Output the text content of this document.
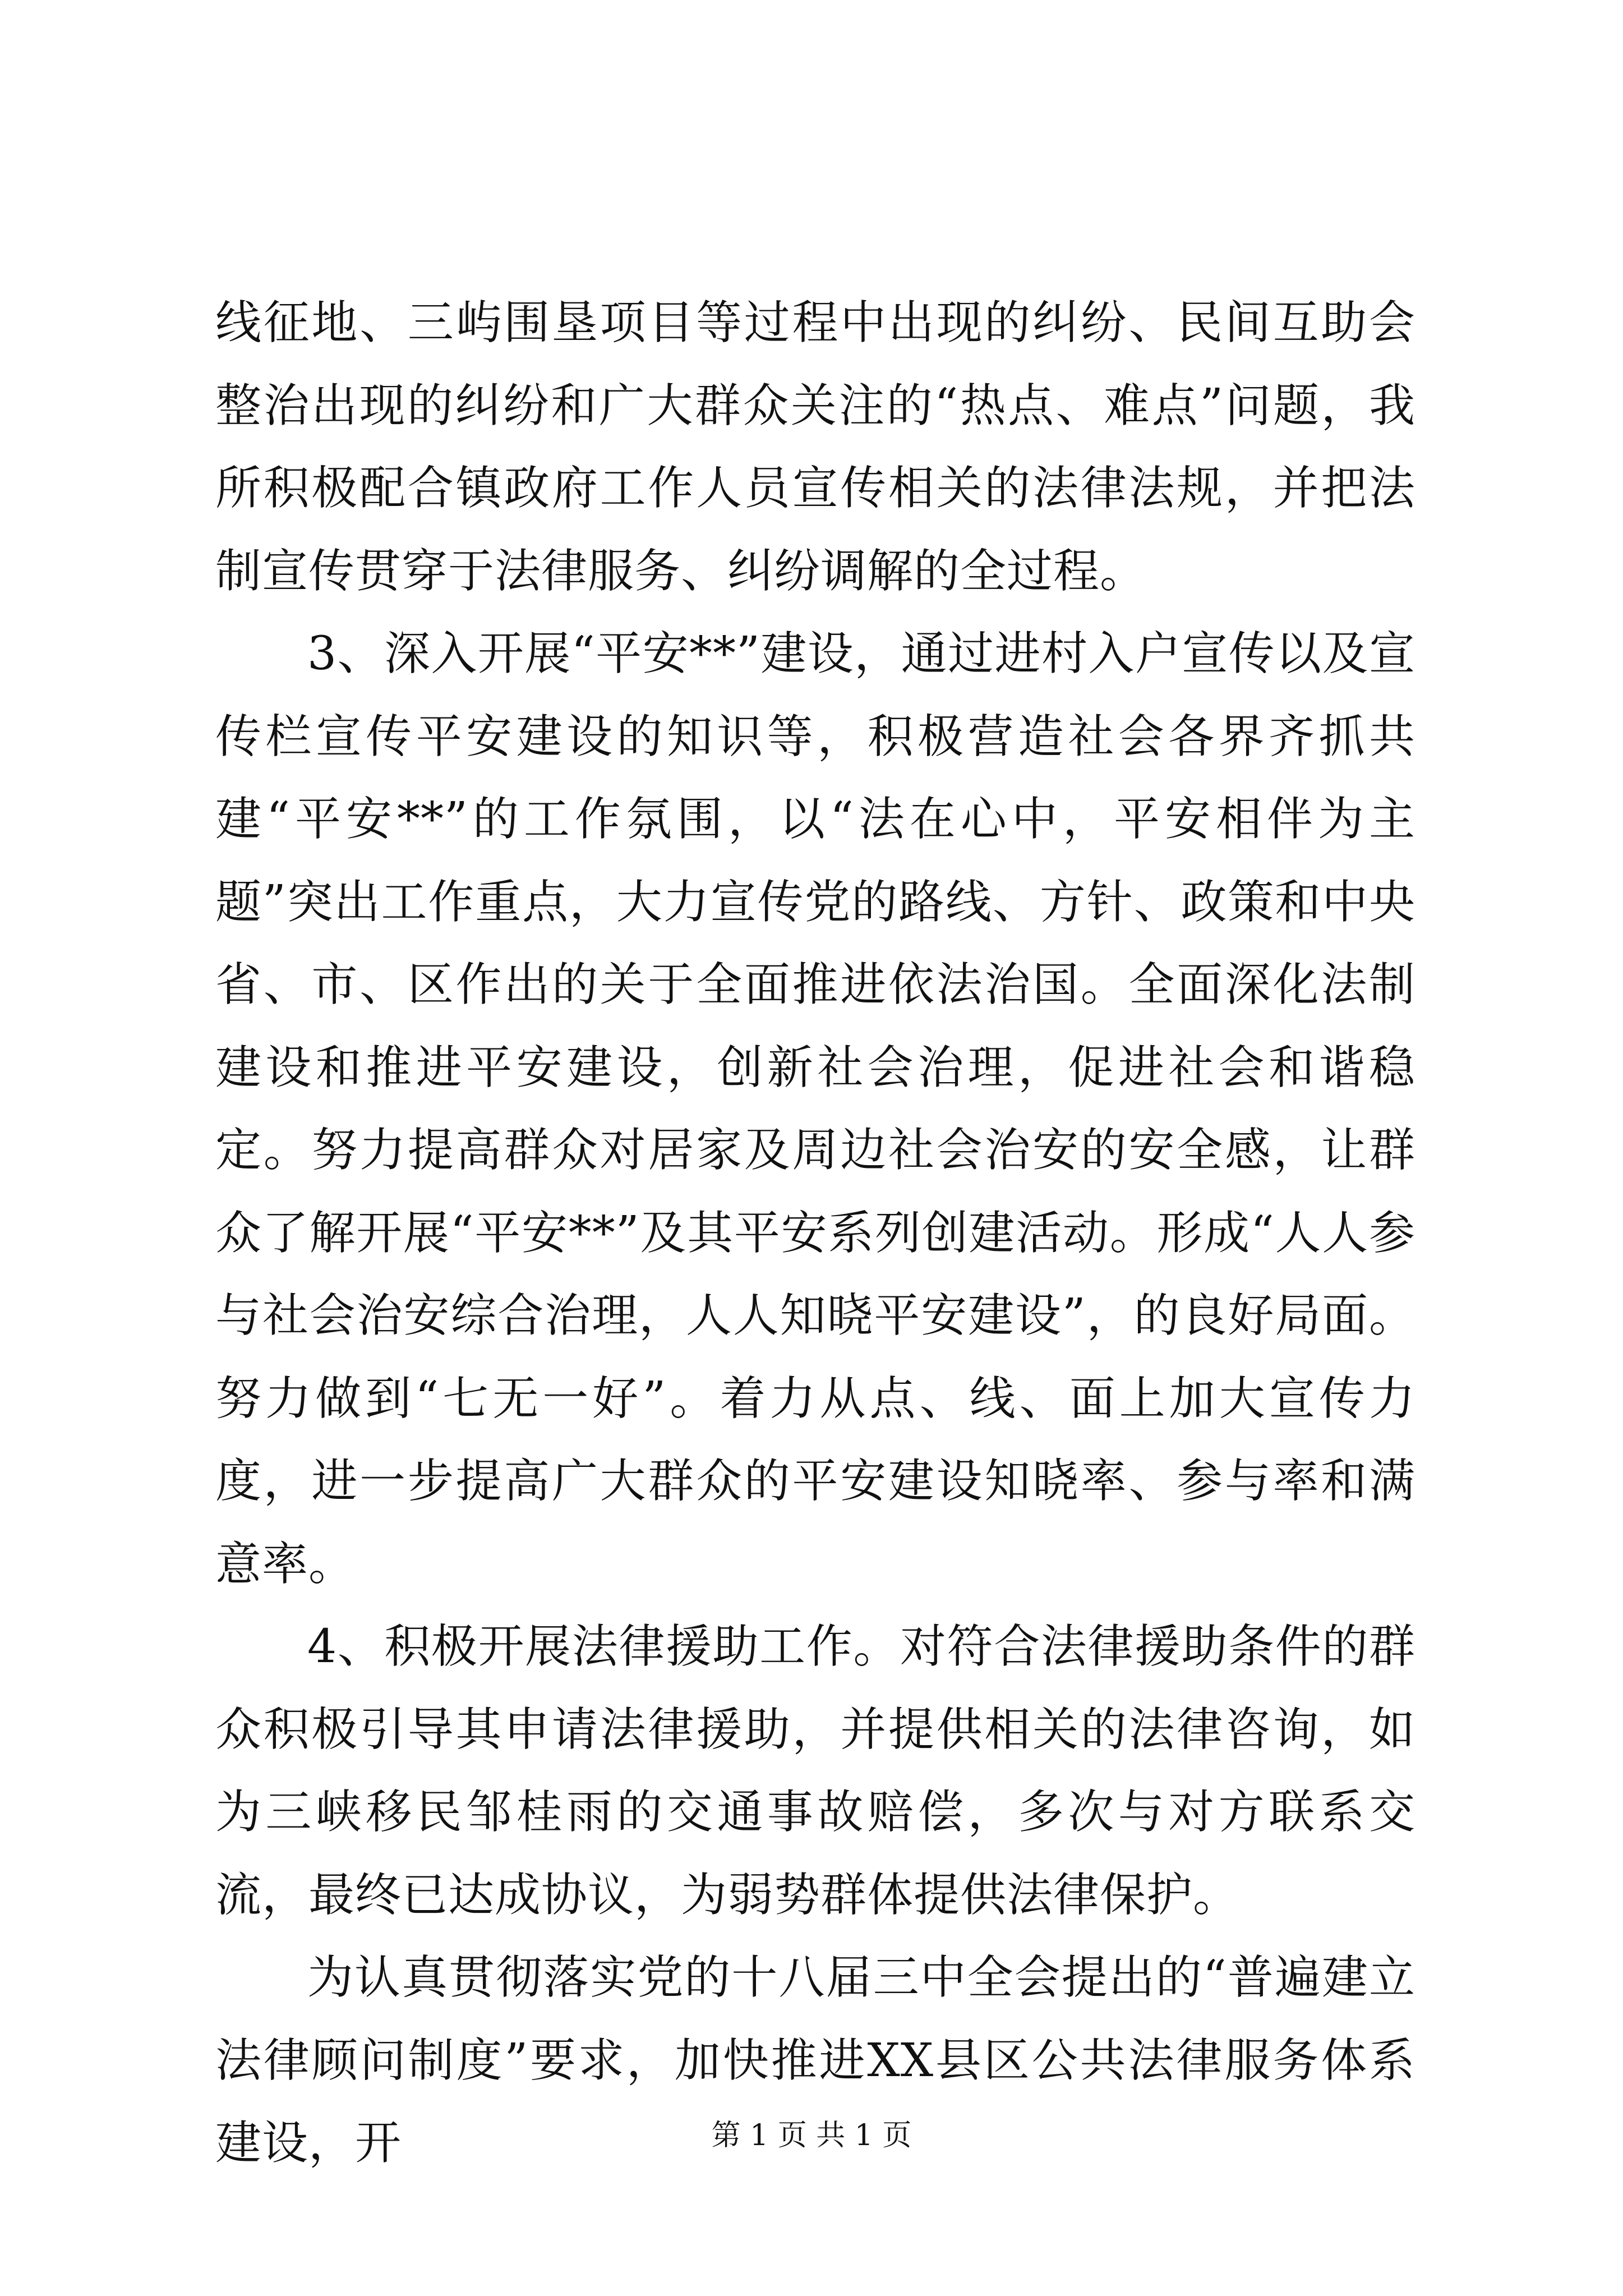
线征地、三屿围垦项目等过程中出现的纠纷、民间互助会整治出现的纠纷和广大群众关注的“热点、难点”问题，我所积极配合镇政府工作人员宣传相关的法律法规，并把法制宣传贯穿于法律服务、纠纷调解的全过程。

3、深入开展“平安**”建设，通过进村入户宣传以及宣传栏宣传平安建设的知识等，积极营造社会各界齐抓共建“平安**”的工作氛围，以“法在心中，平安相伴为主题”突出工作重点，大力宣传党的路线、方针、政策和中央省、市、区作出的关于全面推进依法治国。全面深化法制建设和推进平安建设，创新社会治理，促进社会和谐稳定。努力提高群众对居家及周边社会治安的安全感，让群众了解开展“平安**”及其平安系列创建活动。形成“人人参与社会治安综合治理，人人知晓平安建设”，的良好局面。努力做到“七无一好”。着力从点、线、面上加大宣传力度，进一步提高广大群众的平安建设知晓率、参与率和满意率。

4、积极开展法律援助工作。对符合法律援助条件的群众积极引导其申请法律援助，并提供相关的法律咨询，如为三峡移民邹桂雨的交通事故赔偿，多次与对方联系交流，最终已达成协议，为弱势群体提供法律保护。

为认真贯彻落实党的十八届三中全会提出的“普遍建立法律顾问制度”要求，加快推进XX县区公共法律服务体系建设，开	第 1 页 共 1 页
